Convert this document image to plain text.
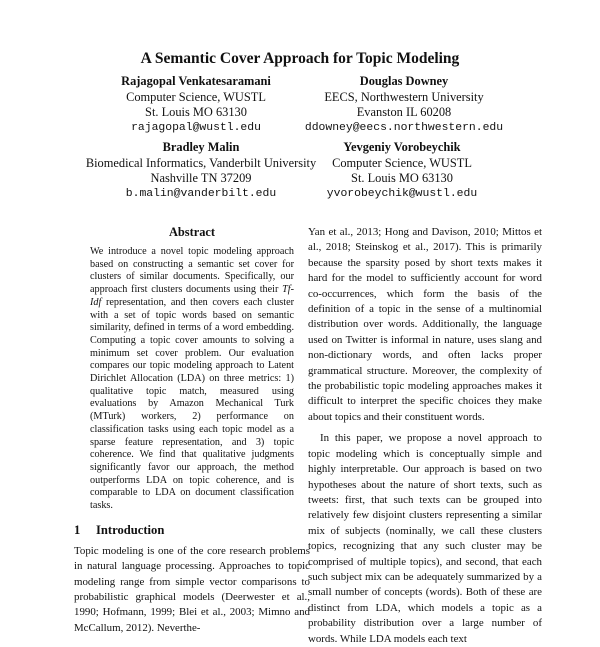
A Semantic Cover Approach for Topic Modeling
Rajagopal Venkatesaramani
Computer Science, WUSTL
St. Louis MO 63130
rajagopal@wustl.edu
Douglas Downey
EECS, Northwestern University
Evanston IL 60208
ddowney@eecs.northwestern.edu
Bradley Malin
Biomedical Informatics, Vanderbilt University
Nashville TN 37209
b.malin@vanderbilt.edu
Yevgeniy Vorobeychik
Computer Science, WUSTL
St. Louis MO 63130
yvorobeychik@wustl.edu
Abstract

We introduce a novel topic modeling approach based on constructing a semantic set cover for clusters of similar documents. Specifically, our approach first clusters documents using their Tf-Idf representation, and then covers each cluster with a set of topic words based on semantic similarity, defined in terms of a word embedding. Computing a topic cover amounts to solving a minimum set cover problem. Our evaluation compares our topic modeling approach to Latent Dirichlet Allocation (LDA) on three metrics: 1) qualitative topic match, measured using evaluations by Amazon Mechanical Turk (MTurk) workers, 2) performance on classification tasks using each topic model as a sparse feature representation, and 3) topic coherence. We find that qualitative judgments significantly favor our approach, the method outperforms LDA on topic coherence, and is comparable to LDA on document classification tasks.

1 Introduction

Topic modeling is one of the core research problems in natural language processing. Approaches to topic modeling range from simple vector comparisons to probabilistic graphical models (Deerwester et al., 1990; Hofmann, 1999; Blei et al., 2003; Mimno and McCallum, 2012). Neverthe-

Yan et al., 2013; Hong and Davison, 2010; Mittos et al., 2018; Steinskog et al., 2017). This is primarily because the sparsity posed by short texts makes it hard for the model to sufficiently account for word co-occurrences, which form the basis of the definition of a topic in the sense of a multinomial distribution over words. Additionally, the language used on Twitter is informal in nature, uses slang and non-dictionary words, and often lacks proper grammatical structure. Moreover, the complexity of the probabilistic topic modeling approaches makes it difficult to interpret the specific choices they make about topics and their constituent words.

In this paper, we propose a novel approach to topic modeling which is conceptually simple and highly interpretable. Our approach is based on two hypotheses about the nature of short texts, such as tweets: first, that such texts can be grouped into relatively few disjoint clusters representing a similar mix of subjects (nominally, we call these clusters topics, recognizing that any such cluster may be comprised of multiple topics), and second, that each such subject mix can be adequately summarized by a small number of concepts (words). Both of these are distinct from LDA, which models a topic as a probability distribution over a large number of words. While LDA models each text
